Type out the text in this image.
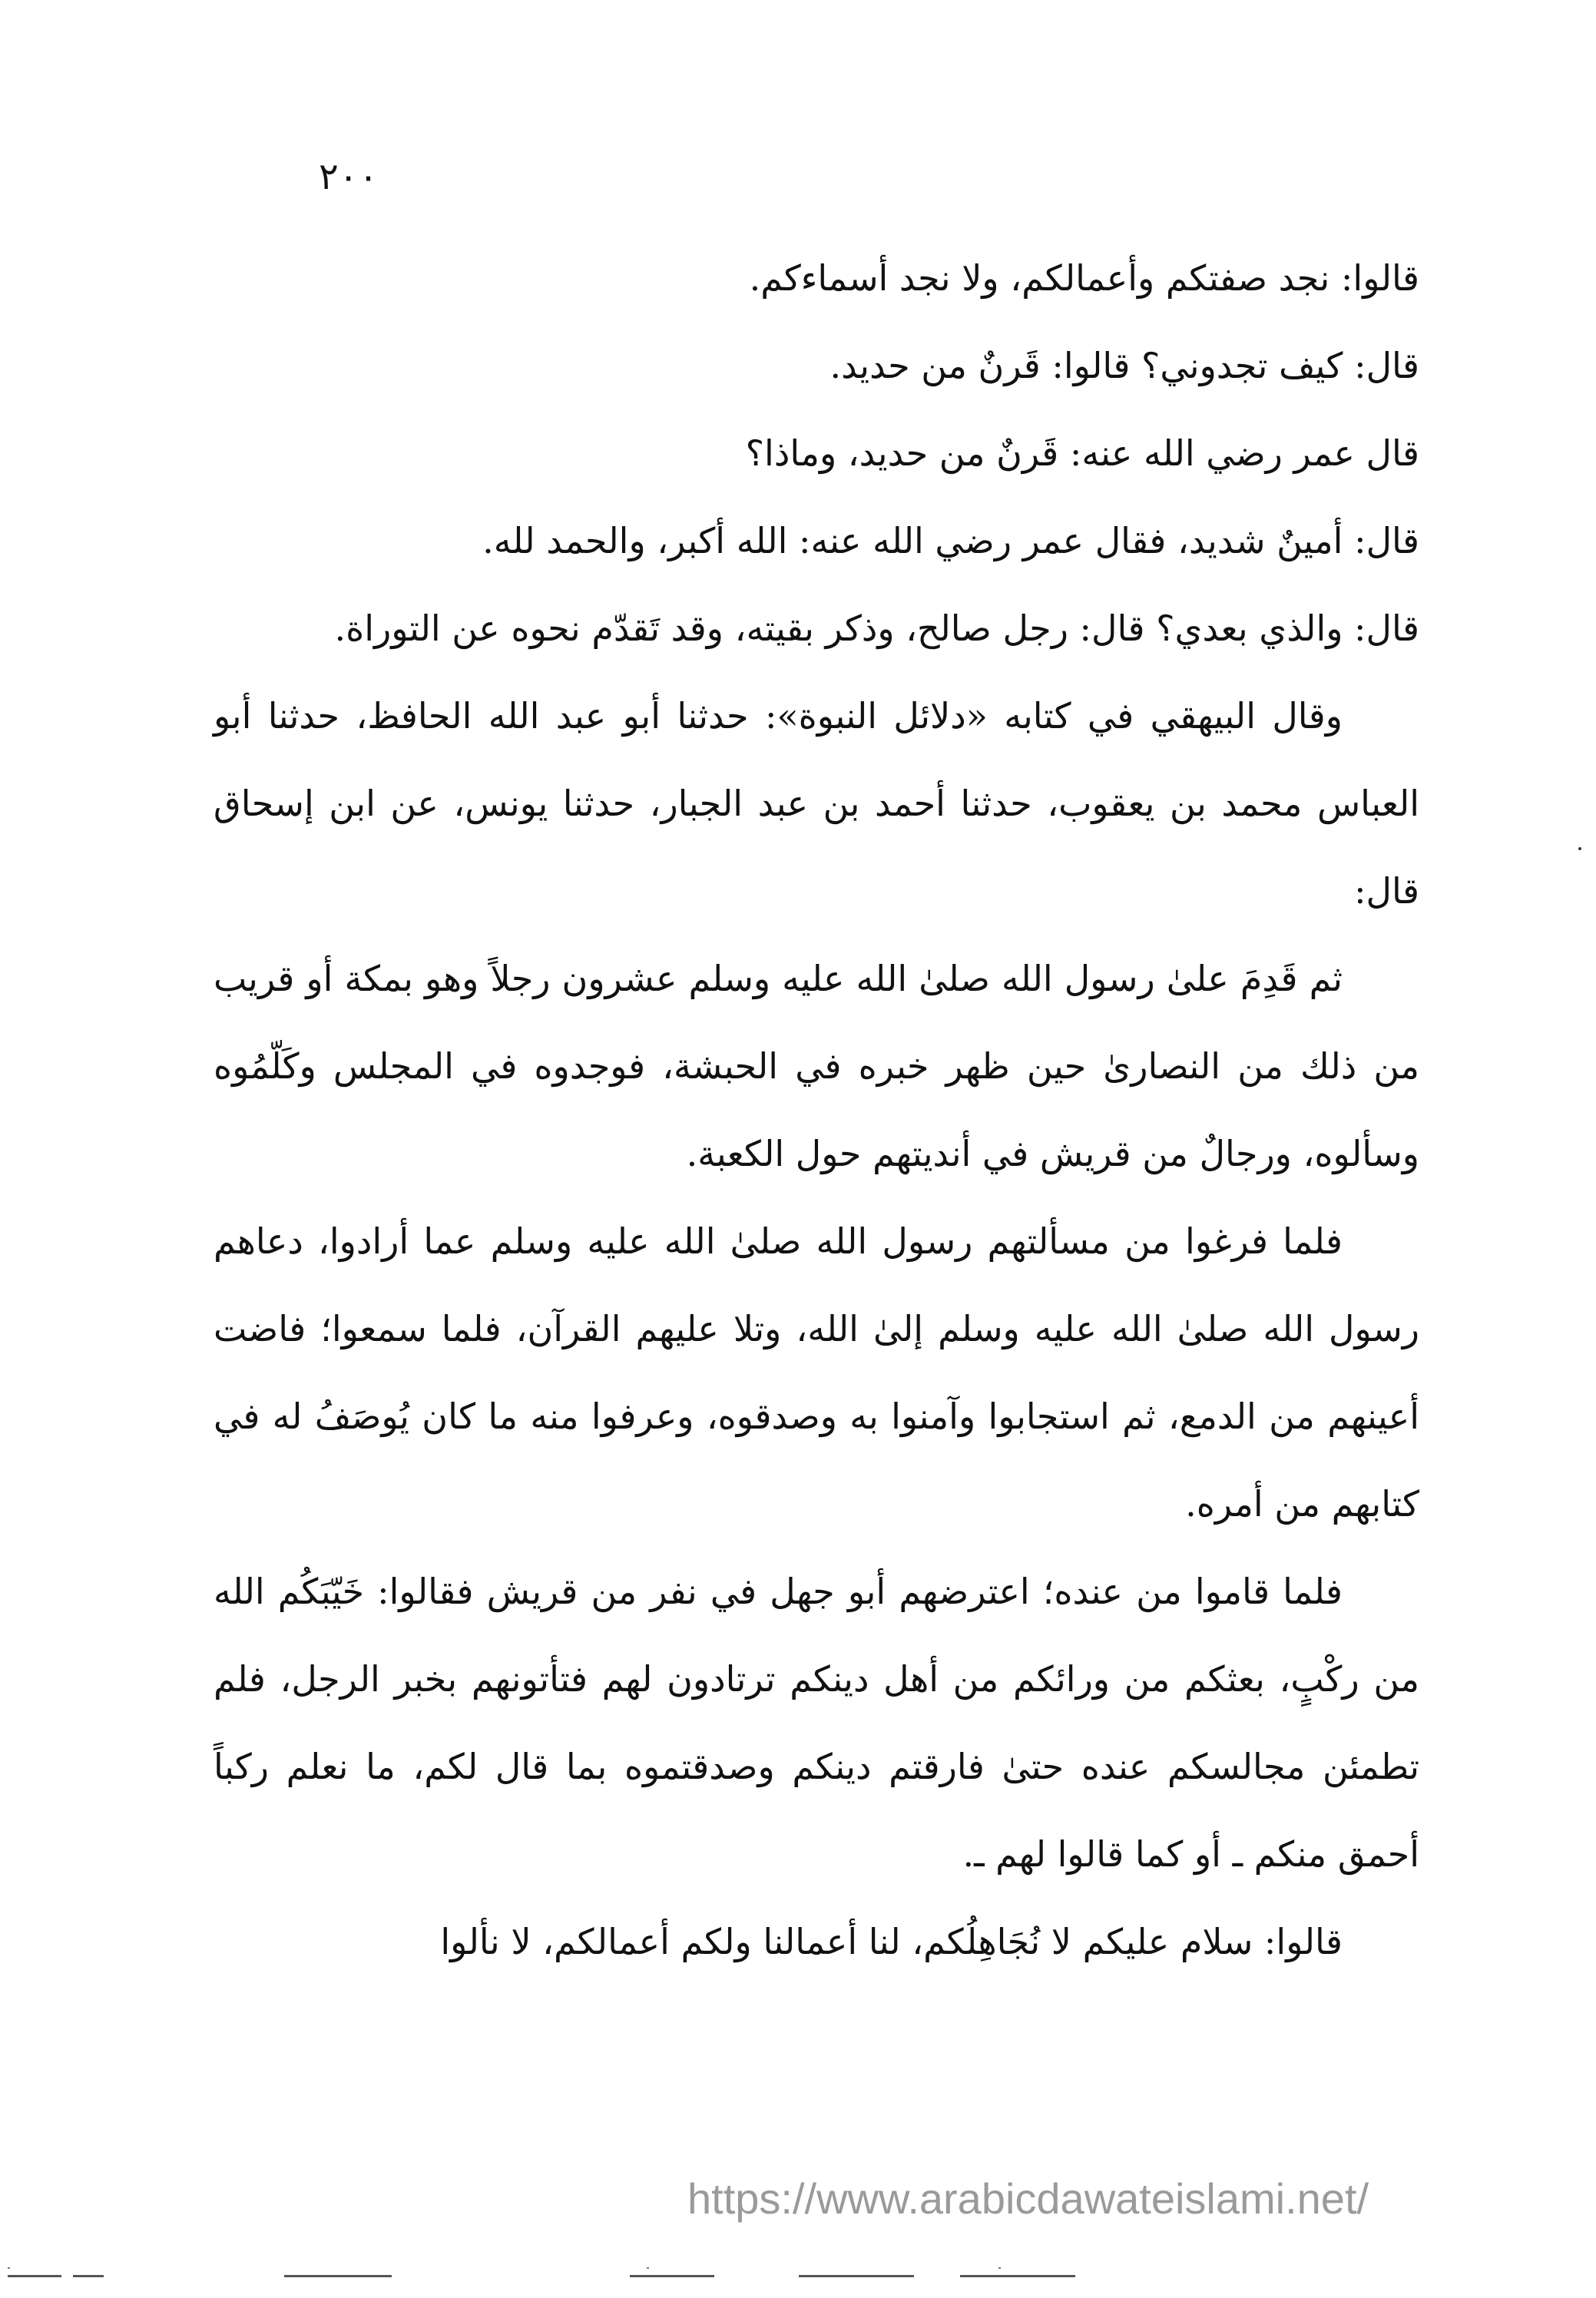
٢٠٠

قالوا: نجد صفتكم وأعمالكم، ولا نجد أسماءكم.

قال: كيف تجدوني؟ قالوا: قَرنٌ من حديد.

قال عمر رضي الله عنه: قَرنٌ من حديد، وماذا؟

قال: أمينٌ شديد، فقال عمر رضي الله عنه: الله أكبر، والحمد لله.

قال: والذي بعدي؟ قال: رجل صالح، وذكر بقيته، وقد تَقدّم نحوه عن التوراة.

وقال البيهقي في كتابه «دلائل النبوة»: حدثنا أبو عبد الله الحافظ، حدثنا أبو العباس محمد بن يعقوب، حدثنا أحمد بن عبد الجبار، حدثنا يونس، عن ابن إسحاق قال:

ثم قَدِمَ علىٰ رسول الله صلىٰ الله عليه وسلم عشرون رجلاً وهو بمكة أو قريب من ذلك من النصارىٰ حين ظهر خبره في الحبشة، فوجدوه في المجلس وكَلّمُوه وسألوه، ورجالٌ من قريش في أنديتهم حول الكعبة.

فلما فرغوا من مسألتهم رسول الله صلىٰ الله عليه وسلم عما أرادوا، دعاهم رسول الله صلىٰ الله عليه وسلم إلىٰ الله، وتلا عليهم القرآن، فلما سمعوا؛ فاضت أعينهم من الدمع، ثم استجابوا وآمنوا به وصدقوه، وعرفوا منه ما كان يُوصَفُ له في كتابهم من أمره.

فلما قاموا من عنده؛ اعترضهم أبو جهل في نفر من قريش فقالوا: خَيّبَكُم الله من ركْبٍ، بعثكم من ورائكم من أهل دينكم ترتادون لهم فتأتونهم بخبر الرجل، فلم تطمئن مجالسكم عنده حتىٰ فارقتم دينكم وصدقتموه بما قال لكم، ما نعلم ركباً أحمق منكم ـ أو كما قالوا لهم ـ.

قالوا: سلام عليكم لا نُجَاهِلُكم، لنا أعمالنا ولكم أعمالكم، لا نألوا

https://www.arabicdawateislami.net/
